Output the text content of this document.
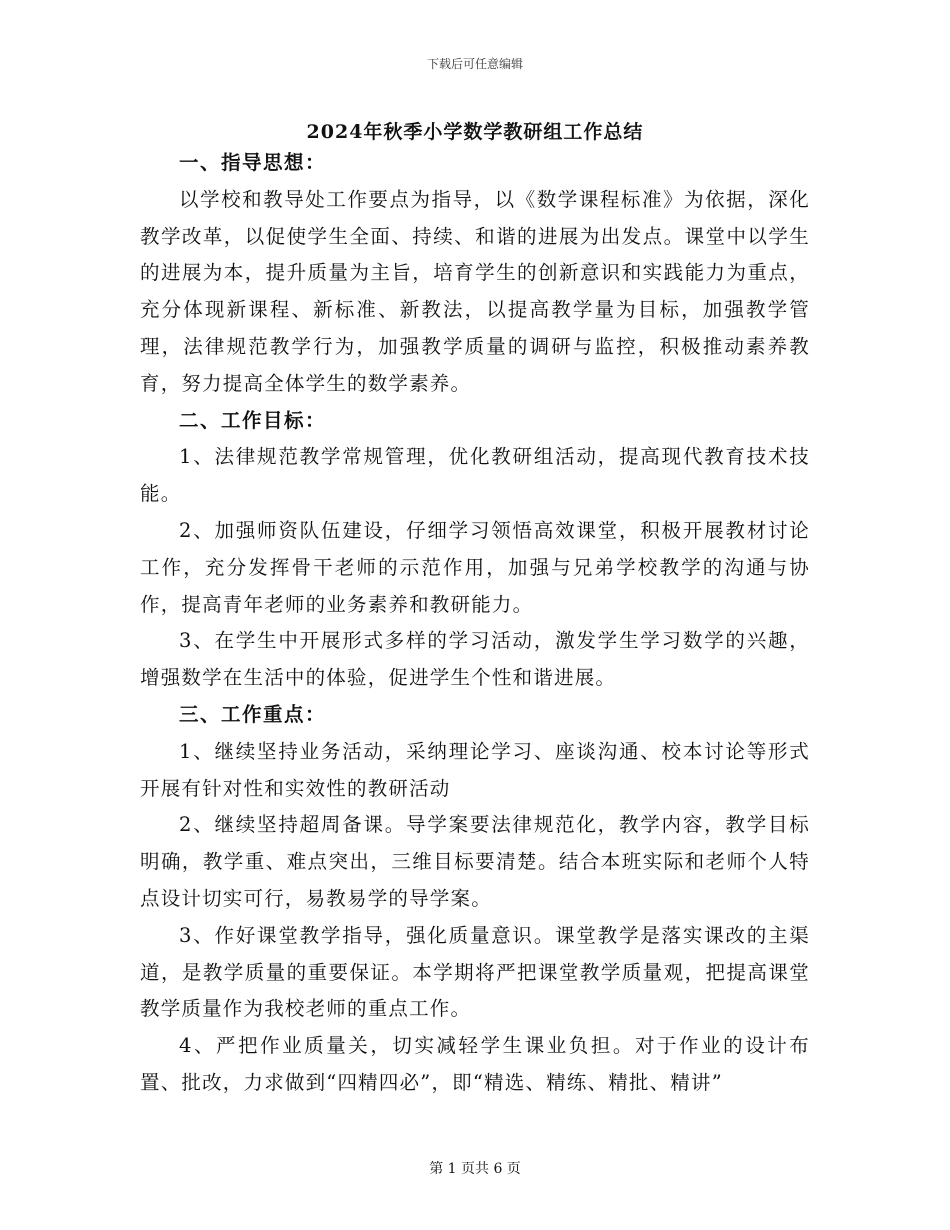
下载后可任意编辑
2024年秋季小学数学教研组工作总结
一、指导思想：

以学校和教导处工作要点为指导，以《数学课程标准》为依据，深化教学改革，以促使学生全面、持续、和谐的进展为出发点。课堂中以学生的进展为本，提升质量为主旨，培育学生的创新意识和实践能力为重点，充分体现新课程、新标准、新教法，以提高教学量为目标，加强教学管理，法律规范教学行为，加强教学质量的调研与监控，积极推动素养教育，努力提高全体学生的数学素养。

二、工作目标：

1、法律规范教学常规管理，优化教研组活动，提高现代教育技术技能。

2、加强师资队伍建设，仔细学习领悟高效课堂，积极开展教材讨论工作，充分发挥骨干老师的示范作用，加强与兄弟学校教学的沟通与协作，提高青年老师的业务素养和教研能力。

3、在学生中开展形式多样的学习活动，激发学生学习数学的兴趣，增强数学在生活中的体验，促进学生个性和谐进展。

三、工作重点：

1、继续坚持业务活动，采纳理论学习、座谈沟通、校本讨论等形式开展有针对性和实效性的教研活动

2、继续坚持超周备课。导学案要法律规范化，教学内容，教学目标明确，教学重、难点突出，三维目标要清楚。结合本班实际和老师个人特点设计切实可行，易教易学的导学案。

3、作好课堂教学指导，强化质量意识。课堂教学是落实课改的主渠道，是教学质量的重要保证。本学期将严把课堂教学质量观，把提高课堂教学质量作为我校老师的重点工作。

4、严把作业质量关，切实减轻学生课业负担。对于作业的设计布置、批改，力求做到“四精四必”，即“精选、精练、精批、精讲”

第 1 页共 6 页
